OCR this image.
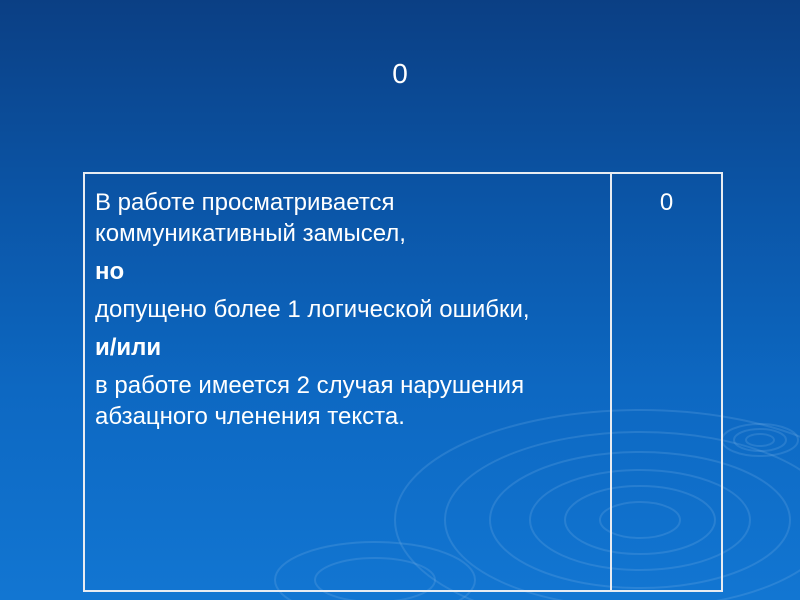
0
В работе просматривается коммуникативный замысел,
но
допущено более 1 логической ошибки,
и/или
в работе имеется 2 случая нарушения абзацного членения текста.
	0
